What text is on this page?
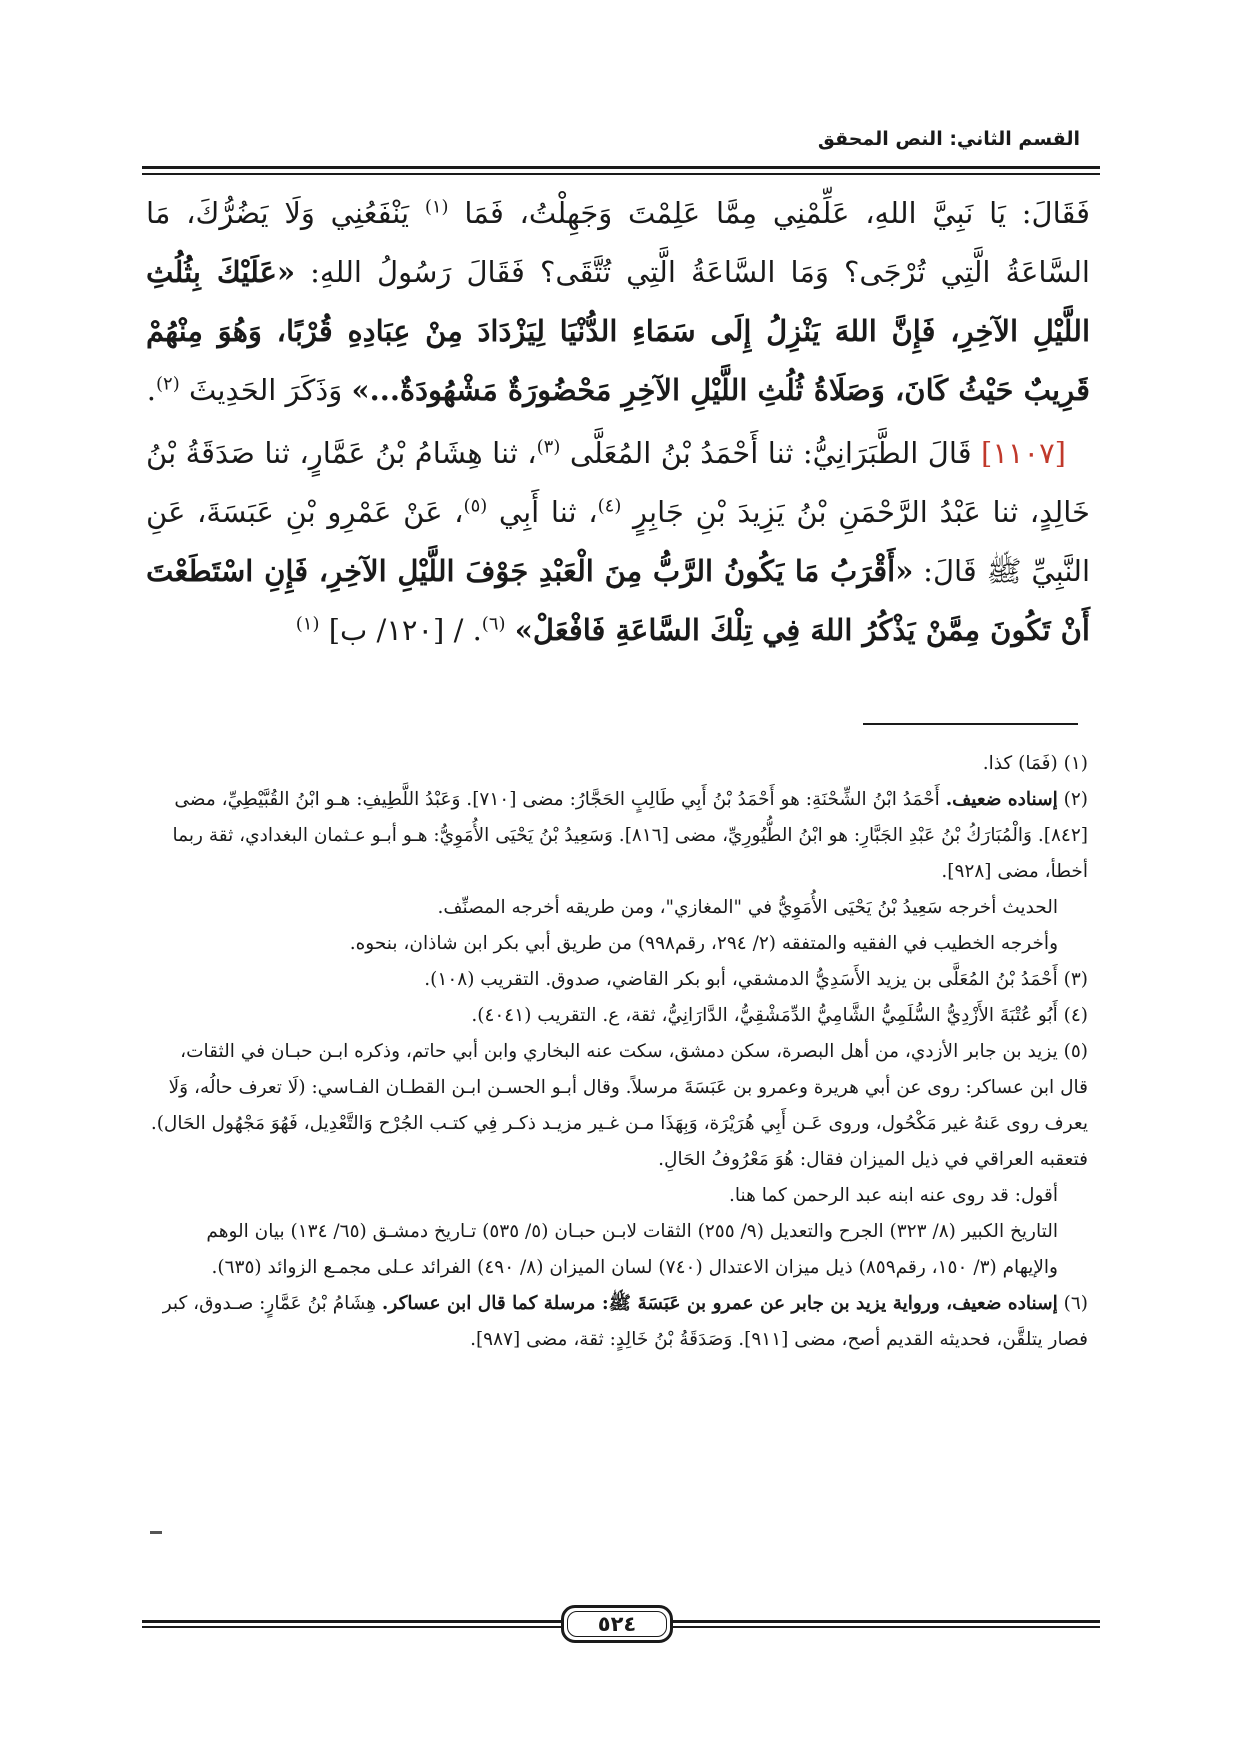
القسم الثاني: النص المحقق

فَقَالَ: يَا نَبِيَّ اللهِ، عَلِّمْنِي مِمَّا عَلِمْتَ وَجَهِلْتُ، فَمَا $^{(١)}$ يَنْفَعُنِي وَلَا يَضُرُّكَ، مَا السَّاعَةُ الَّتِي تُرْجَى؟ وَمَا السَّاعَةُ الَّتِي تُتَّقَى؟ فَقَالَ رَسُولُ اللهِ: «عَلَيْكَ بِثُلُثِ اللَّيْلِ الآخِرِ، فَإِنَّ اللهَ يَنْزِلُ إِلَى سَمَاءِ الدُّنْيَا لِيَزْدَادَ مِنْ عِبَادِهِ قُرْبًا، وَهُوَ مِنْهُمْ قَرِيبٌ حَيْثُ كَانَ، وَصَلَاةُ ثُلُثِ اللَّيْلِ الآخِرِ مَحْضُورَةٌ مَشْهُودَةٌ...» وَذَكَرَ الحَدِيثَ $^{(٢)}$.

[١١٠٧] قَالَ الطَّبَرَانِيُّ: ثنا أَحْمَدُ بْنُ المُعَلَّى $^{(٣)}$، ثنا هِشَامُ بْنُ عَمَّارٍ، ثنا صَدَقَةُ بْنُ خَالِدٍ، ثنا عَبْدُ الرَّحْمَنِ بْنُ يَزِيدَ بْنِ جَابِرٍ $^{(٤)}$، ثنا أَبِي $^{(٥)}$، عَنْ عَمْرِو بْنِ عَبَسَةَ، عَنِ النَّبِيِّ ﷺ قَالَ: «أَقْرَبُ مَا يَكُونُ الرَّبُّ مِنَ الْعَبْدِ جَوْفَ اللَّيْلِ الآخِرِ، فَإِنِ اسْتَطَعْتَ أَنْ تَكُونَ مِمَّنْ يَذْكُرُ اللهَ فِي تِلْكَ السَّاعَةِ فَافْعَلْ» $^{(٦)}$. / [١٢٠/ ب] $^{(١)}$

(١) (فَمَا) كذا.

(٢) إسناده ضعيف. أَحْمَدُ ابْنُ الشِّحْنَةِ: هو أَحْمَدُ بْنُ أَبِي طَالِبٍ الحَجَّارُ: مضى [٧١٠]. وَعَبْدُ اللَّطِيفِ: هـو ابْنُ القُبَّيْطِيِّ، مضى [٨٤٢]. وَالْمُبَارَكُ بْنُ عَبْدِ الجَبَّارِ: هو ابْنُ الطُّيُورِيِّ، مضى [٨١٦]. وَسَعِيدُ بْنُ يَحْيَى الأُمَوِيُّ: هـو أبـو عـثمان البغدادي، ثقة ربما أخطأ، مضى [٩٢٨].

الحديث أخرجه سَعِيدُ بْنُ يَحْيَى الأُمَوِيُّ في "المغازي"، ومن طريقه أخرجه المصنِّف.

وأخرجه الخطيب في الفقيه والمتفقه (٢/ ٢٩٤، رقم٩٩٨) من طريق أبي بكر ابن شاذان، بنحوه.

(٣) أَحْمَدُ بْنُ المُعَلَّى بن يزيد الأَسَدِيُّ الدمشقي، أبو بكر القاضي، صدوق. التقريب (١٠٨).

(٤) أَبُو عُتْبَةَ الأَزْدِيُّ السُّلَمِيُّ الشَّامِيُّ الدِّمَشْقِيُّ، الدَّارَانِيُّ، ثقة، ع. التقريب (٤٠٤١).

(٥) يزيد بن جابر الأزدي، من أهل البصرة، سكن دمشق، سكت عنه البخاري وابن أبي حاتم، وذكره ابـن حبـان في الثقات، قال ابن عساكر: روى عن أبي هريرة وعمرو بن عَبَسَةَ مرسلاً. وقال أبـو الحسـن ابـن القطـان الفـاسي: (لَا تعرف حالُه، وَلَا يعرف روى عَنهُ غير مَكْحُول، وروى عَـن أَبِي هُرَيْرَة، وَبِهَذَا مـن غـير مزيـد ذكـر فِي كتـب الجُرْح وَالتَّعْدِيل، فَهُوَ مَجْهُول الحَال). فتعقبه العراقي في ذيل الميزان فقال: هُوَ مَعْرُوفُ الحَالِ.

أقول: قد روى عنه ابنه عبد الرحمن كما هنا.

التاريخ الكبير (٨/ ٣٢٣) الجرح والتعديل (٩/ ٢٥٥) الثقات لابـن حبـان (٥/ ٥٣٥) تـاريخ دمشـق (٦٥/ ١٣٤) بيان الوهم والإيهام (٣/ ١٥٠، رقم٨٥٩) ذيل ميزان الاعتدال (٧٤٠) لسان الميزان (٨/ ٤٩٠) الفرائد عـلى مجمـع الزوائد (٦٣٥).

(٦) إسناده ضعيف، ورواية يزيد بن جابر عن عمرو بن عَبَسَةَ ﷺ: مرسلة كما قال ابن عساكر. هِشَامُ بْنُ عَمَّارٍ: صـدوق، كبر فصار يتلقَّن، فحديثه القديم أصح، مضى [٩١١]. وَصَدَقَةُ بْنُ خَالِدٍ: ثقة، مضى [٩٨٧].

٥٢٤
